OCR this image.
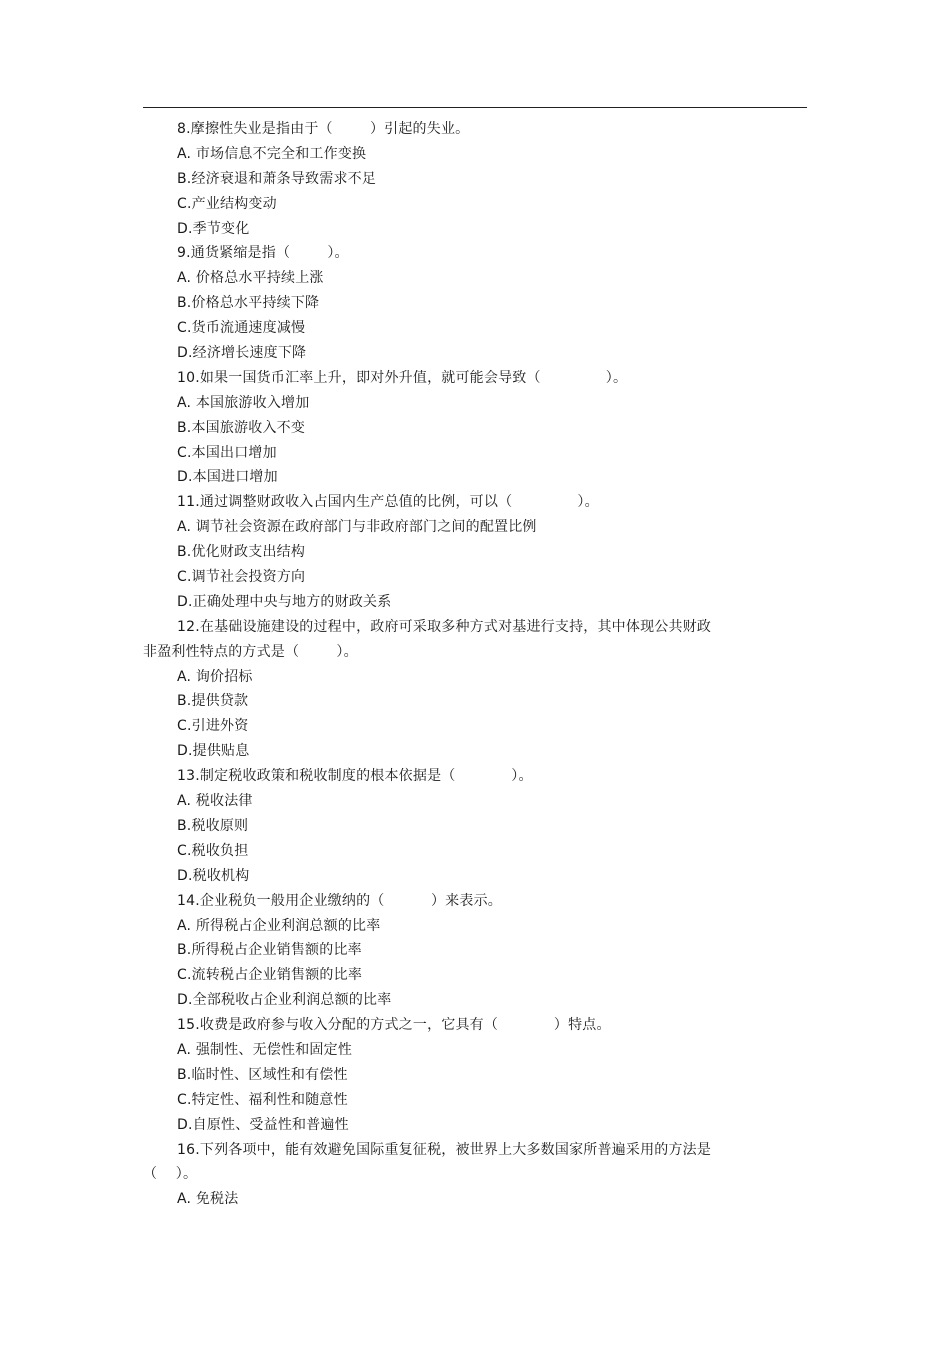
8.摩擦性失业是指由于（        ）引起的失业。
A. 市场信息不完全和工作变换
B.经济衰退和萧条导致需求不足
C.产业结构变动
D.季节变化
9.通货紧缩是指（        ）。
A. 价格总水平持续上涨
B.价格总水平持续下降
C.货币流通速度减慢
D.经济增长速度下降
10.如果一国货币汇率上升，即对外升值，就可能会导致（              ）。
A. 本国旅游收入增加
B.本国旅游收入不变
C.本国出口增加
D.本国进口增加
11.通过调整财政收入占国内生产总值的比例，可以（              ）。
A. 调节社会资源在政府部门与非政府部门之间的配置比例
B.优化财政支出结构
C.调节社会投资方向
D.正确处理中央与地方的财政关系
12.在基础设施建设的过程中，政府可采取多种方式对基进行支持，其中体现公共财政
非盈利性特点的方式是（        ）。
A. 询价招标
B.提供贷款
C.引进外资
D.提供贴息
13.制定税收政策和税收制度的根本依据是（            ）。
A. 税收法律
B.税收原则
C.税收负担
D.税收机构
14.企业税负一般用企业缴纳的（          ）来表示。
A. 所得税占企业利润总额的比率
B.所得税占企业销售额的比率
C.流转税占企业销售额的比率
D.全部税收占企业利润总额的比率
15.收费是政府参与收入分配的方式之一，它具有（            ）特点。
A. 强制性、无偿性和固定性
B.临时性、区域性和有偿性
C.特定性、福利性和随意性
D.自原性、受益性和普遍性
16.下列各项中，能有效避免国际重复征税，被世界上大多数国家所普遍采用的方法是
（    ）。
A. 免税法
